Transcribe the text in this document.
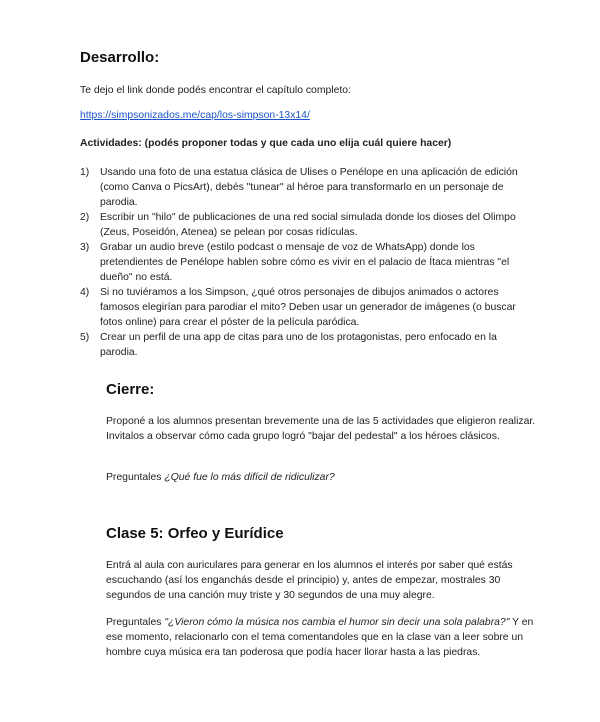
Desarrollo:

Te dejo el link donde podés encontrar el capítulo completo:

https://simpsonizados.me/cap/los-simpson-13x14/

Actividades: (podés proponer todas y que cada uno elija cuál quiere hacer)

1) Usando una foto de una estatua clásica de Ulises o Penélope en una aplicación de edición (como Canva o PicsArt), debés "tunear" al héroe para transformarlo en un personaje de parodia.
2) Escribir un "hilo" de publicaciones de una red social simulada donde los dioses del Olimpo (Zeus, Poseidón, Atenea) se pelean por cosas ridículas.
3) Grabar un audio breve (estilo podcast o mensaje de voz de WhatsApp) donde los pretendientes de Penélope hablen sobre cómo es vivir en el palacio de Ítaca mientras "el dueño" no está.
4) Si no tuviéramos a los Simpson, ¿qué otros personajes de dibujos animados o actores famosos elegirían para parodiar el mito? Deben usar un generador de imágenes (o buscar fotos online) para crear el póster de la película paródica.
5) Crear un perfil de una app de citas para uno de los protagonistas, pero enfocado en la parodia.
Cierre:

Proponé a los alumnos presentan brevemente una de las 5 actividades que eligieron realizar. Invitalos a observar cómo cada grupo logró "bajar del pedestal" a los héroes clásicos.

Preguntales ¿Qué fue lo más difícil de ridiculizar?

Clase 5: Orfeo y Eurídice

Entrá al aula con auriculares para generar en los alumnos el interés por saber qué estás escuchando (así los enganchás desde el principio) y, antes de empezar, mostrales 30 segundos de una canción muy triste y 30 segundos de una muy alegre.

Preguntales "¿Vieron cómo la música nos cambia el humor sin decir una sola palabra?" Y en ese momento, relacionarlo con el tema comentandoles que en la clase van a leer sobre un hombre cuya música era tan poderosa que podía hacer llorar hasta a las piedras.
